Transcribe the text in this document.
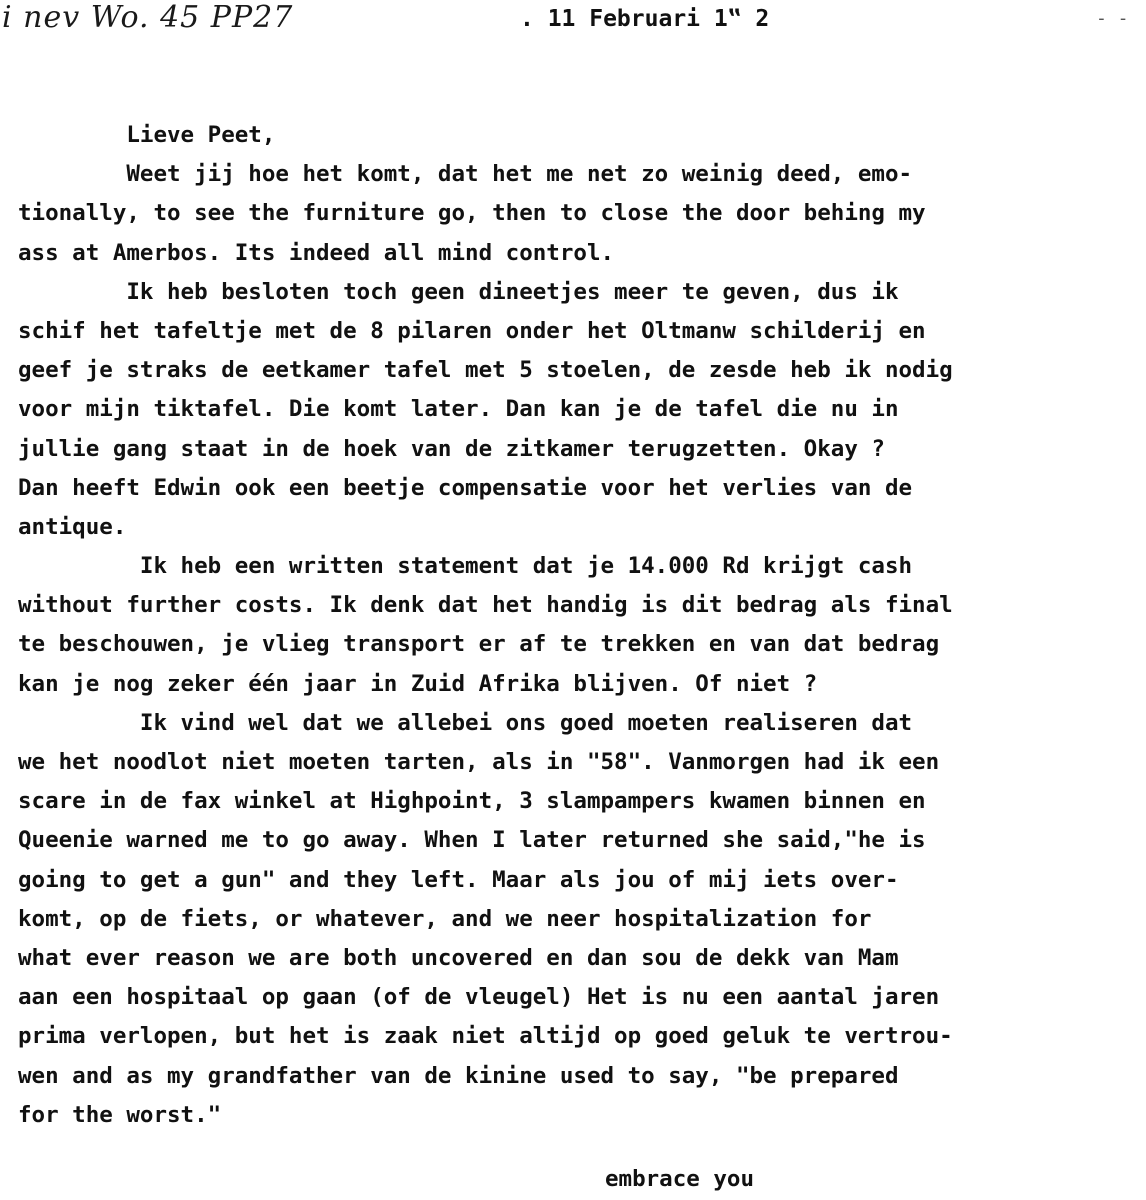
i nev Wo. 45 PP27	. 11 Februari 1‟ 2	- -
Lieve Peet,
Weet jij hoe het komt, dat het me net zo weinig deed, emo-
tionally, to see the furniture go, then to close the door behing my
ass at Amerbos. Its indeed all mind control.
Ik heb besloten toch geen dineetjes meer te geven, dus ik
schif het tafeltje met de 8 pilaren onder het Oltmanw schilderij en
geef je straks de eetkamer tafel met 5 stoelen, de zesde heb ik nodig
voor mijn tiktafel. Die komt later. Dan kan je de tafel die nu in
jullie gang staat in de hoek van de zitkamer terugzetten. Okay ?
Dan heeft Edwin ook een beetje compensatie voor het verlies van de
antique.
Ik heb een written statement dat je 14.000 Rd krijgt cash
without further costs. Ik denk dat het handig is dit bedrag als final
te beschouwen, je vlieg transport er af te trekken en van dat bedrag
kan je nog zeker één jaar in Zuid Afrika blijven. Of niet ?
Ik vind wel dat we allebei ons goed moeten realiseren dat
we het noodlot niet moeten tarten, als in "58". Vanmorgen had ik een
scare in de fax winkel at Highpoint, 3 slampampers kwamen binnen en
Queenie warned me to go away. When I later returned she said,"he is
going to get a gun" and they left. Maar als jou of mij iets over-
komt, op de fiets, or whatever, and we neer hospitalization for
what ever reason we are both uncovered en dan sou de dekk van Mam
aan een hospitaal op gaan (of de vleugel) Het is nu een aantal jaren
prima verlopen, but het is zaak niet altijd op goed geluk te vertrou-
wen and as my grandfather van de kinine used to say, "be prepared
for the worst."
embrace you
